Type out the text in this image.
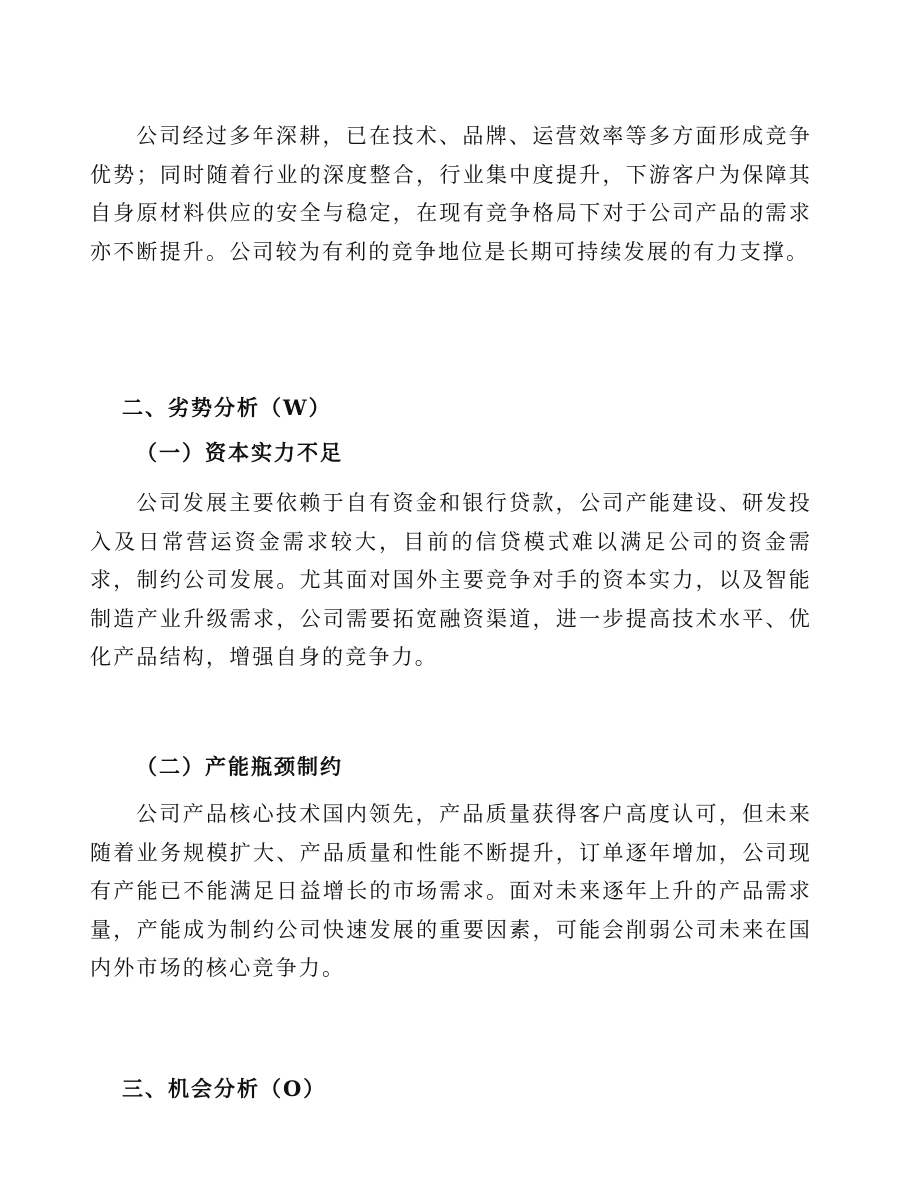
公司经过多年深耕，已在技术、品牌、运营效率等多方面形成竞争优势；同时随着行业的深度整合，行业集中度提升，下游客户为保障其自身原材料供应的安全与稳定，在现有竞争格局下对于公司产品的需求亦不断提升。公司较为有利的竞争地位是长期可持续发展的有力支撑。

二、劣势分析（W）
（一）资本实力不足

公司发展主要依赖于自有资金和银行贷款，公司产能建设、研发投入及日常营运资金需求较大，目前的信贷模式难以满足公司的资金需求，制约公司发展。尤其面对国外主要竞争对手的资本实力，以及智能制造产业升级需求，公司需要拓宽融资渠道，进一步提高技术水平、优化产品结构，增强自身的竞争力。

（二）产能瓶颈制约

公司产品核心技术国内领先，产品质量获得客户高度认可，但未来随着业务规模扩大、产品质量和性能不断提升，订单逐年增加，公司现有产能已不能满足日益增长的市场需求。面对未来逐年上升的产品需求量，产能成为制约公司快速发展的重要因素，可能会削弱公司未来在国内外市场的核心竞争力。

三、机会分析（O）
